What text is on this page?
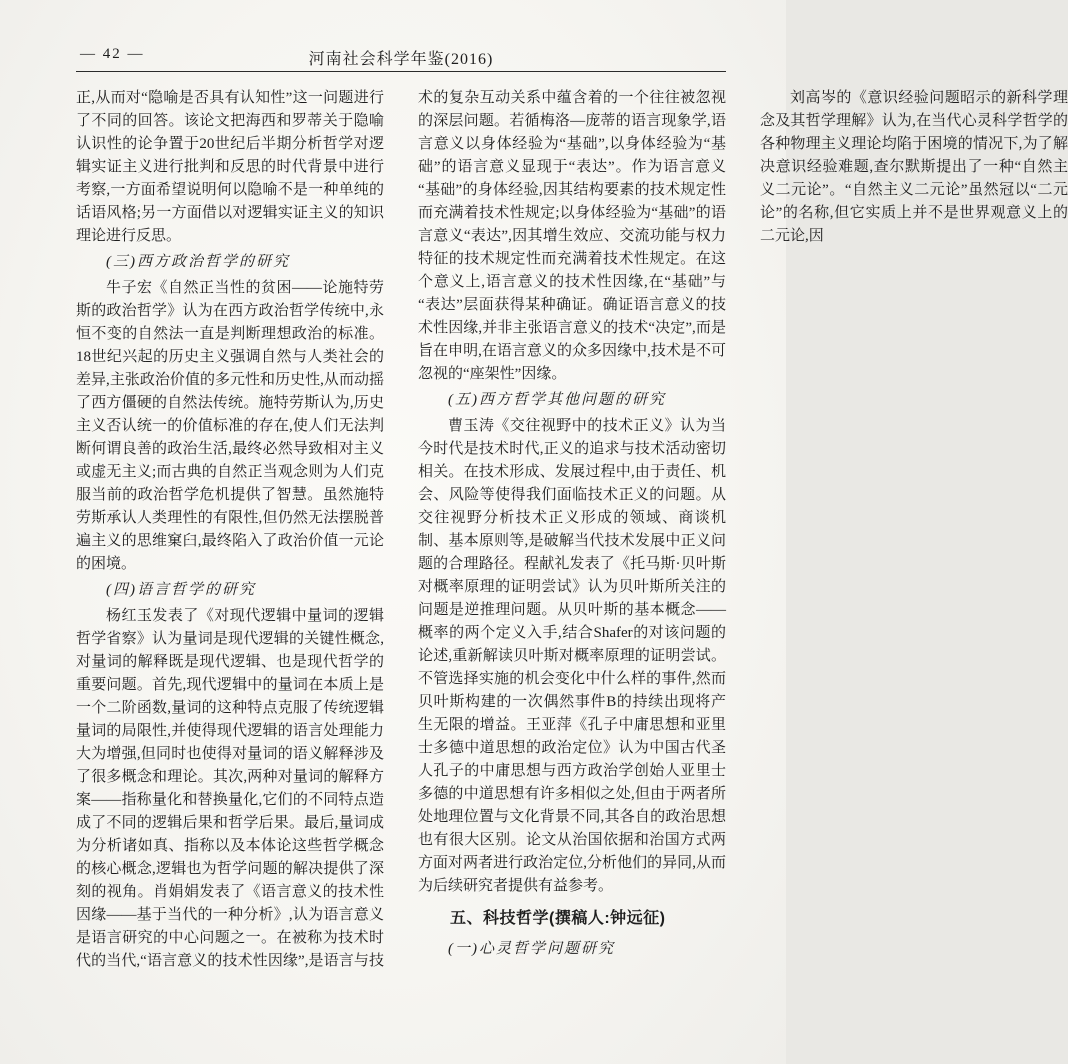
— 42 —	河南社会科学年鉴(2016)

正,从而对“隐喻是否具有认知性”这一问题进行了不同的回答。该论文把海西和罗蒂关于隐喻认识性的论争置于20世纪后半期分析哲学对逻辑实证主义进行批判和反思的时代背景中进行考察,一方面希望说明何以隐喻不是一种单纯的话语风格;另一方面借以对逻辑实证主义的知识理论进行反思。

(三)西方政治哲学的研究

牛子宏《自然正当性的贫困——论施特劳斯的政治哲学》认为在西方政治哲学传统中,永恒不变的自然法一直是判断理想政治的标准。18世纪兴起的历史主义强调自然与人类社会的差异,主张政治价值的多元性和历史性,从而动摇了西方僵硬的自然法传统。施特劳斯认为,历史主义否认统一的价值标准的存在,使人们无法判断何谓良善的政治生活,最终必然导致相对主义或虚无主义;而古典的自然正当观念则为人们克服当前的政治哲学危机提供了智慧。虽然施特劳斯承认人类理性的有限性,但仍然无法摆脱普遍主义的思维窠臼,最终陷入了政治价值一元论的困境。

(四)语言哲学的研究

杨红玉发表了《对现代逻辑中量词的逻辑哲学省察》认为量词是现代逻辑的关键性概念,对量词的解释既是现代逻辑、也是现代哲学的重要问题。首先,现代逻辑中的量词在本质上是一个二阶函数,量词的这种特点克服了传统逻辑量词的局限性,并使得现代逻辑的语言处理能力大为增强,但同时也使得对量词的语义解释涉及了很多概念和理论。其次,两种对量词的解释方案——指称量化和替换量化,它们的不同特点造成了不同的逻辑后果和哲学后果。最后,量词成为分析诸如真、指称以及本体论这些哲学概念的核心概念,逻辑也为哲学问题的解决提供了深刻的视角。肖娟娟发表了《语言意义的技术性因缘——基于当代的一种分析》,认为语言意义是语言研究的中心问题之一。在被称为技术时代的当代,“语言意义的技术性因缘”,是语言与技术的复杂互动关系中蕴含着的一个往往被忽视的深层问题。若循梅洛—庞蒂的语言现象学,语言意义以身体经验为“基础”,以身体经验为“基础”的语言意义显现于“表达”。作为语言意义“基础”的身体经验,因其结构要素的技术规定性而充满着技术性规定;以身体经验为“基础”的语言意义“表达”,因其增生效应、交流功能与权力特征的技术规定性而充满着技术性规定。在这个意义上,语言意义的技术性因缘,在“基础”与“表达”层面获得某种确证。确证语言意义的技术性因缘,并非主张语言意义的技术“决定”,而是旨在申明,在语言意义的众多因缘中,技术是不可忽视的“座架性”因缘。

(五)西方哲学其他问题的研究

曹玉涛《交往视野中的技术正义》认为当今时代是技术时代,正义的追求与技术活动密切相关。在技术形成、发展过程中,由于责任、机会、风险等使得我们面临技术正义的问题。从交往视野分析技术正义形成的领域、商谈机制、基本原则等,是破解当代技术发展中正义问题的合理路径。程献礼发表了《托马斯·贝叶斯对概率原理的证明尝试》认为贝叶斯所关注的问题是逆推理问题。从贝叶斯的基本概念——概率的两个定义入手,结合Shafer的对该问题的论述,重新解读贝叶斯对概率原理的证明尝试。不管选择实施的机会变化中什么样的事件,然而贝叶斯构建的一次偶然事件B的持续出现将产生无限的增益。王亚萍《孔子中庸思想和亚里士多德中道思想的政治定位》认为中国古代圣人孔子的中庸思想与西方政治学创始人亚里士多德的中道思想有许多相似之处,但由于两者所处地理位置与文化背景不同,其各自的政治思想也有很大区别。论文从治国依据和治国方式两方面对两者进行政治定位,分析他们的异同,从而为后续研究者提供有益参考。

五、科技哲学(撰稿人:钟远征)
(一)心灵哲学问题研究

刘高岑的《意识经验问题昭示的新科学理念及其哲学理解》认为,在当代心灵科学哲学的各种物理主义理论均陷于困境的情况下,为了解决意识经验难题,查尔默斯提出了一种“自然主义二元论”。“自然主义二元论”虽然冠以“二元论”的名称,但它实质上并不是世界观意义上的二元论,因
